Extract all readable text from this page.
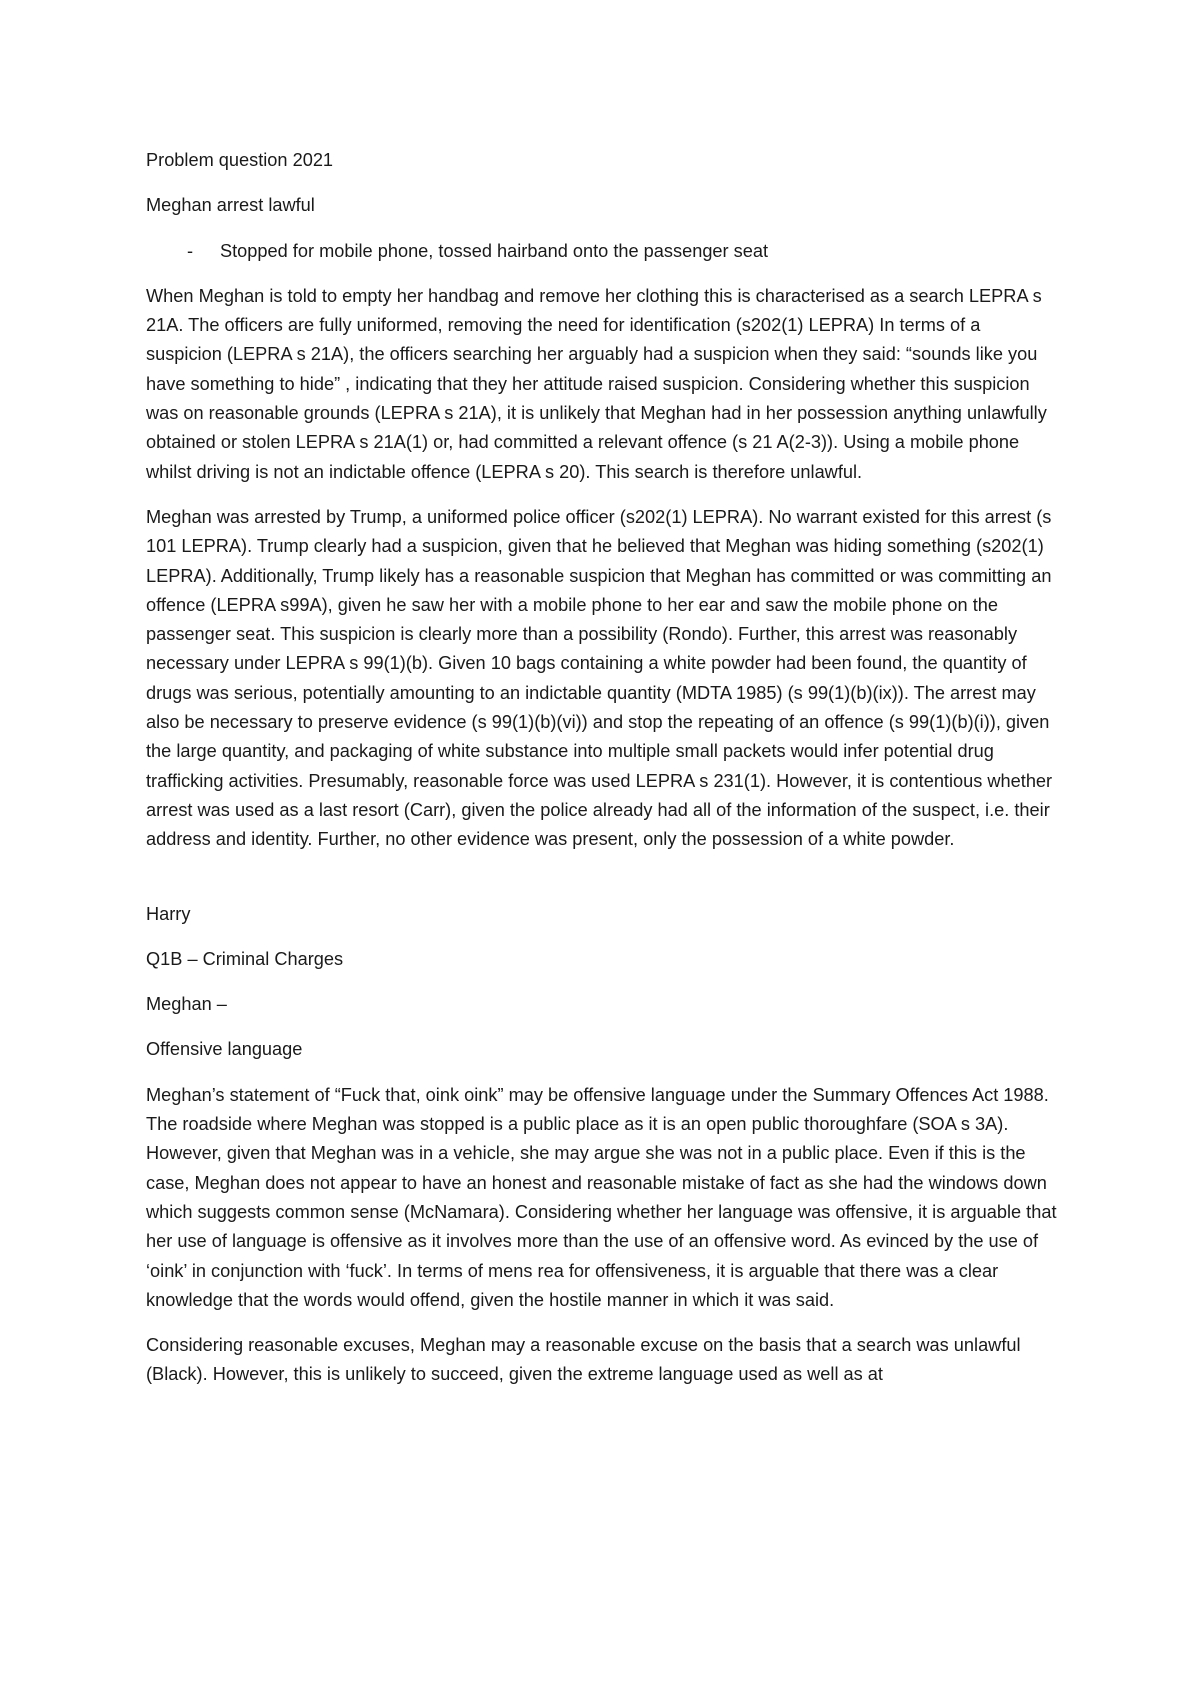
Problem question 2021

Meghan arrest lawful

-	Stopped for mobile phone, tossed hairband onto the passenger seat

When Meghan is told to empty her handbag and remove her clothing this is characterised as a search LEPRA s 21A. The officers are fully uniformed, removing the need for identification (s202(1) LEPRA) In terms of a suspicion (LEPRA s 21A), the officers searching her arguably had a suspicion when they said: “sounds like you have something to hide” , indicating that they her attitude raised suspicion. Considering whether this suspicion was on reasonable grounds (LEPRA s 21A), it is unlikely that Meghan had in her possession anything unlawfully obtained or stolen LEPRA s 21A(1) or, had committed a relevant offence (s 21 A(2-3)). Using a mobile phone whilst driving is not an indictable offence (LEPRA s 20). This search is therefore unlawful.

Meghan was arrested by Trump, a uniformed police officer (s202(1) LEPRA). No warrant existed for this arrest (s 101 LEPRA). Trump clearly had a suspicion, given that he believed that Meghan was hiding something (s202(1) LEPRA). Additionally, Trump likely has a reasonable suspicion that Meghan has committed or was committing an offence (LEPRA s99A), given he saw her with a mobile phone to her ear and saw the mobile phone on the passenger seat. This suspicion is clearly more than a possibility (Rondo). Further, this arrest was reasonably necessary under LEPRA s 99(1)(b). Given 10 bags containing a white powder had been found, the quantity of drugs was serious, potentially amounting to an indictable quantity (MDTA 1985) (s 99(1)(b)(ix)). The arrest may also be necessary to preserve evidence (s 99(1)(b)(vi)) and stop the repeating of an offence (s 99(1)(b)(i)), given the large quantity, and packaging of white substance into multiple small packets would infer potential drug trafficking activities. Presumably, reasonable force was used LEPRA s 231(1). However, it is contentious whether arrest was used as a last resort (Carr), given the police already had all of the information of the suspect, i.e. their address and identity. Further, no other evidence was present, only the possession of a white powder.

Harry

Q1B – Criminal Charges

Meghan –

Offensive language

Meghan’s statement of “Fuck that, oink oink” may be offensive language under the Summary Offences Act 1988. The roadside where Meghan was stopped is a public place as it is an open public thoroughfare (SOA s 3A). However, given that Meghan was in a vehicle, she may argue she was not in a public place. Even if this is the case, Meghan does not appear to have an honest and reasonable mistake of fact as she had the windows down which suggests common sense (McNamara). Considering whether her language was offensive, it is arguable that her use of language is offensive as it involves more than the use of an offensive word. As evinced by the use of ‘oink’ in conjunction with ‘fuck’. In terms of mens rea for offensiveness, it is arguable that there was a clear knowledge that the words would offend, given the hostile manner in which it was said.

Considering reasonable excuses, Meghan may a reasonable excuse on the basis that a search was unlawful (Black). However, this is unlikely to succeed, given the extreme language used as well as at
